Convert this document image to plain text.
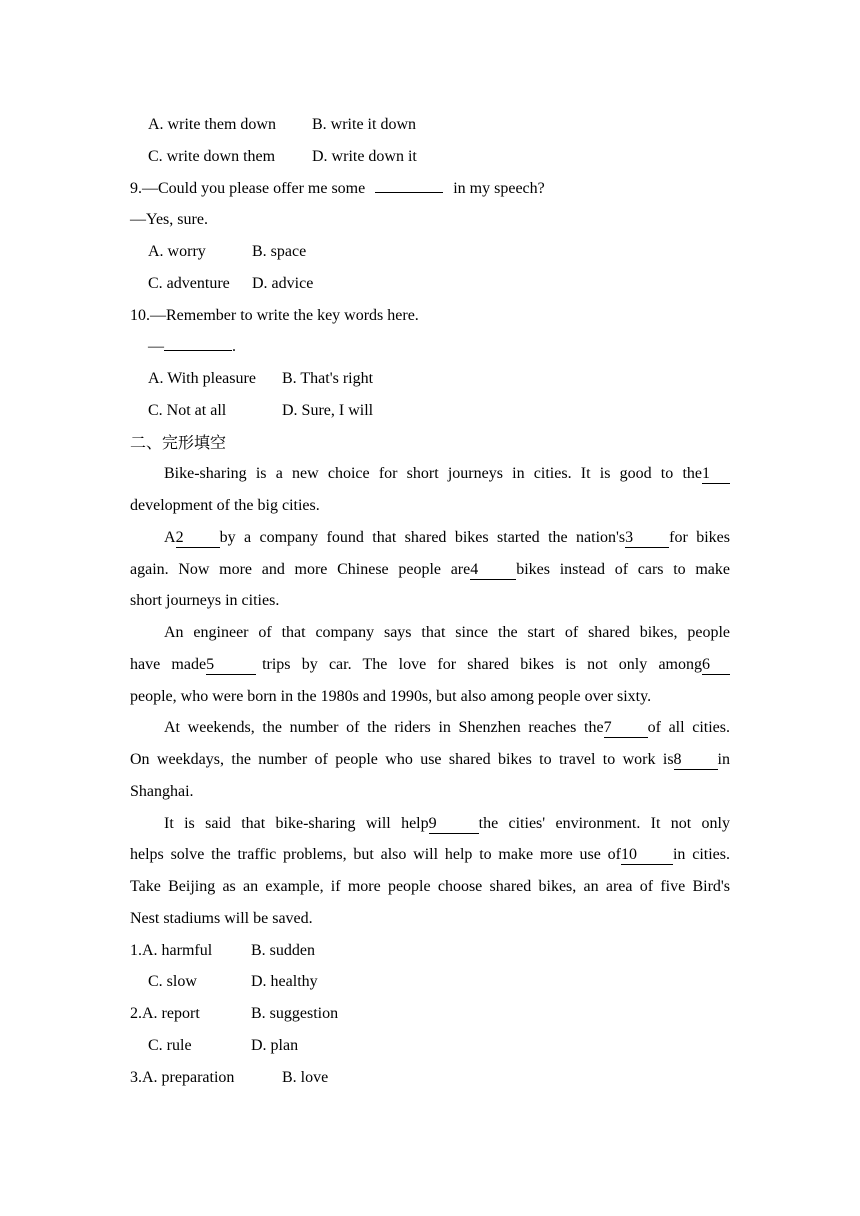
A. write them down B. write it down
C. write down them D. write down it
9.—Could you please offer me some	in my speech?
—Yes, sure.
A. worry	B. space
C. adventure D. advice
10.—Remember to write the key words here.
—	.
A. With pleasure B. That's right
C. Not at all	D. Sure, I will
二、完形填空
Bike-sharing is a new choice for short journeys in cities. It is good to the1
development of the big cities.
A2 by a company found that shared bikes started the nation's3 for bikes
again. Now more and more Chinese people are4 bikes instead of cars to make
short journeys in cities.
An engineer of that company says that since the start of shared bikes, people
have made5	trips by car. The love for shared bikes is not only among6
people, who were born in the 1980s and 1990s, but also among people over sixty.
At weekends, the number of the riders in Shenzhen reaches the7 of all cities.
On weekdays, the number of people who use shared bikes to travel to work is8 in
Shanghai.
It is said that bike-sharing will help9	the cities' environment. It not only
helps solve the traffic problems, but also will help to make more use of10 in cities.
Take Beijing as an example, if more people choose shared bikes, an area of five Bird's
Nest stadiums will be saved.
1.A. harmful B. sudden
C. slow	D. healthy
2.A. report	B. suggestion
C. rule	D. plan
3.A. preparation	B. love
